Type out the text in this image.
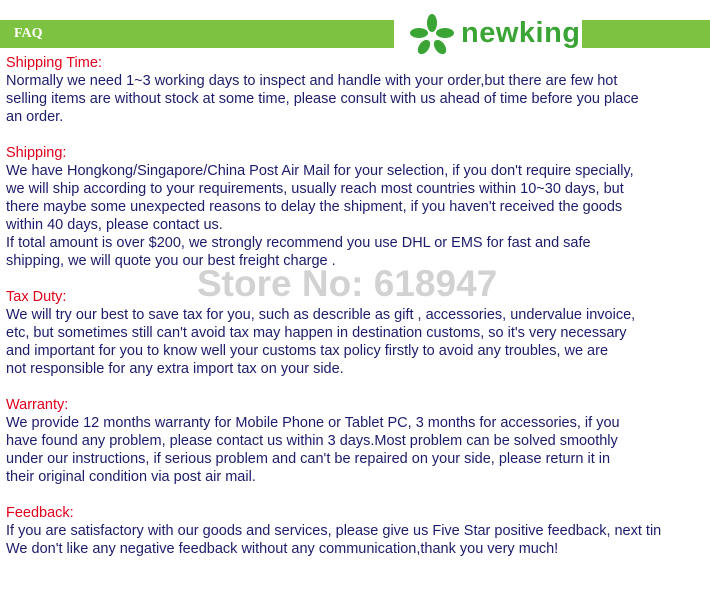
FAQ	newking
Shipping Time:
Normally we need 1~3 working days to inspect and handle with your order,but there are few hot
selling items are without stock at some time, please consult with us ahead of time before you place
an order.
Shipping:
We have Hongkong/Singapore/China Post Air Mail for your selection, if you don't require specially,
we will ship according to your requirements, usually reach most countries within 10~30 days, but
there maybe some unexpected reasons to delay the shipment, if you haven't received the goods
within 40 days, please contact us.
If total amount is over $200, we strongly recommend you use DHL or EMS for fast and safe
shipping, we will quote you our best freight charge .
Tax Duty:
We will try our best to save tax for you, such as describle as gift , accessories, undervalue invoice,
etc, but sometimes still can't avoid tax may happen in destination customs, so it's very necessary
and important for you to know well your customs tax policy firstly to avoid any troubles, we are
not responsible for any extra import tax on your side.
Warranty:
We provide 12 months warranty for Mobile Phone or Tablet PC, 3 months for accessories, if you
have found any problem, please contact us within 3 days.Most problem can be solved smoothly
under our instructions, if serious problem and can't be repaired on your side, please return it in
their original condition via post air mail.
Feedback:
If you are satisfactory with our goods and services, please give us Five Star positive feedback, next tin
We don't like any negative feedback without any communication,thank you very much!
Store No: 618947
